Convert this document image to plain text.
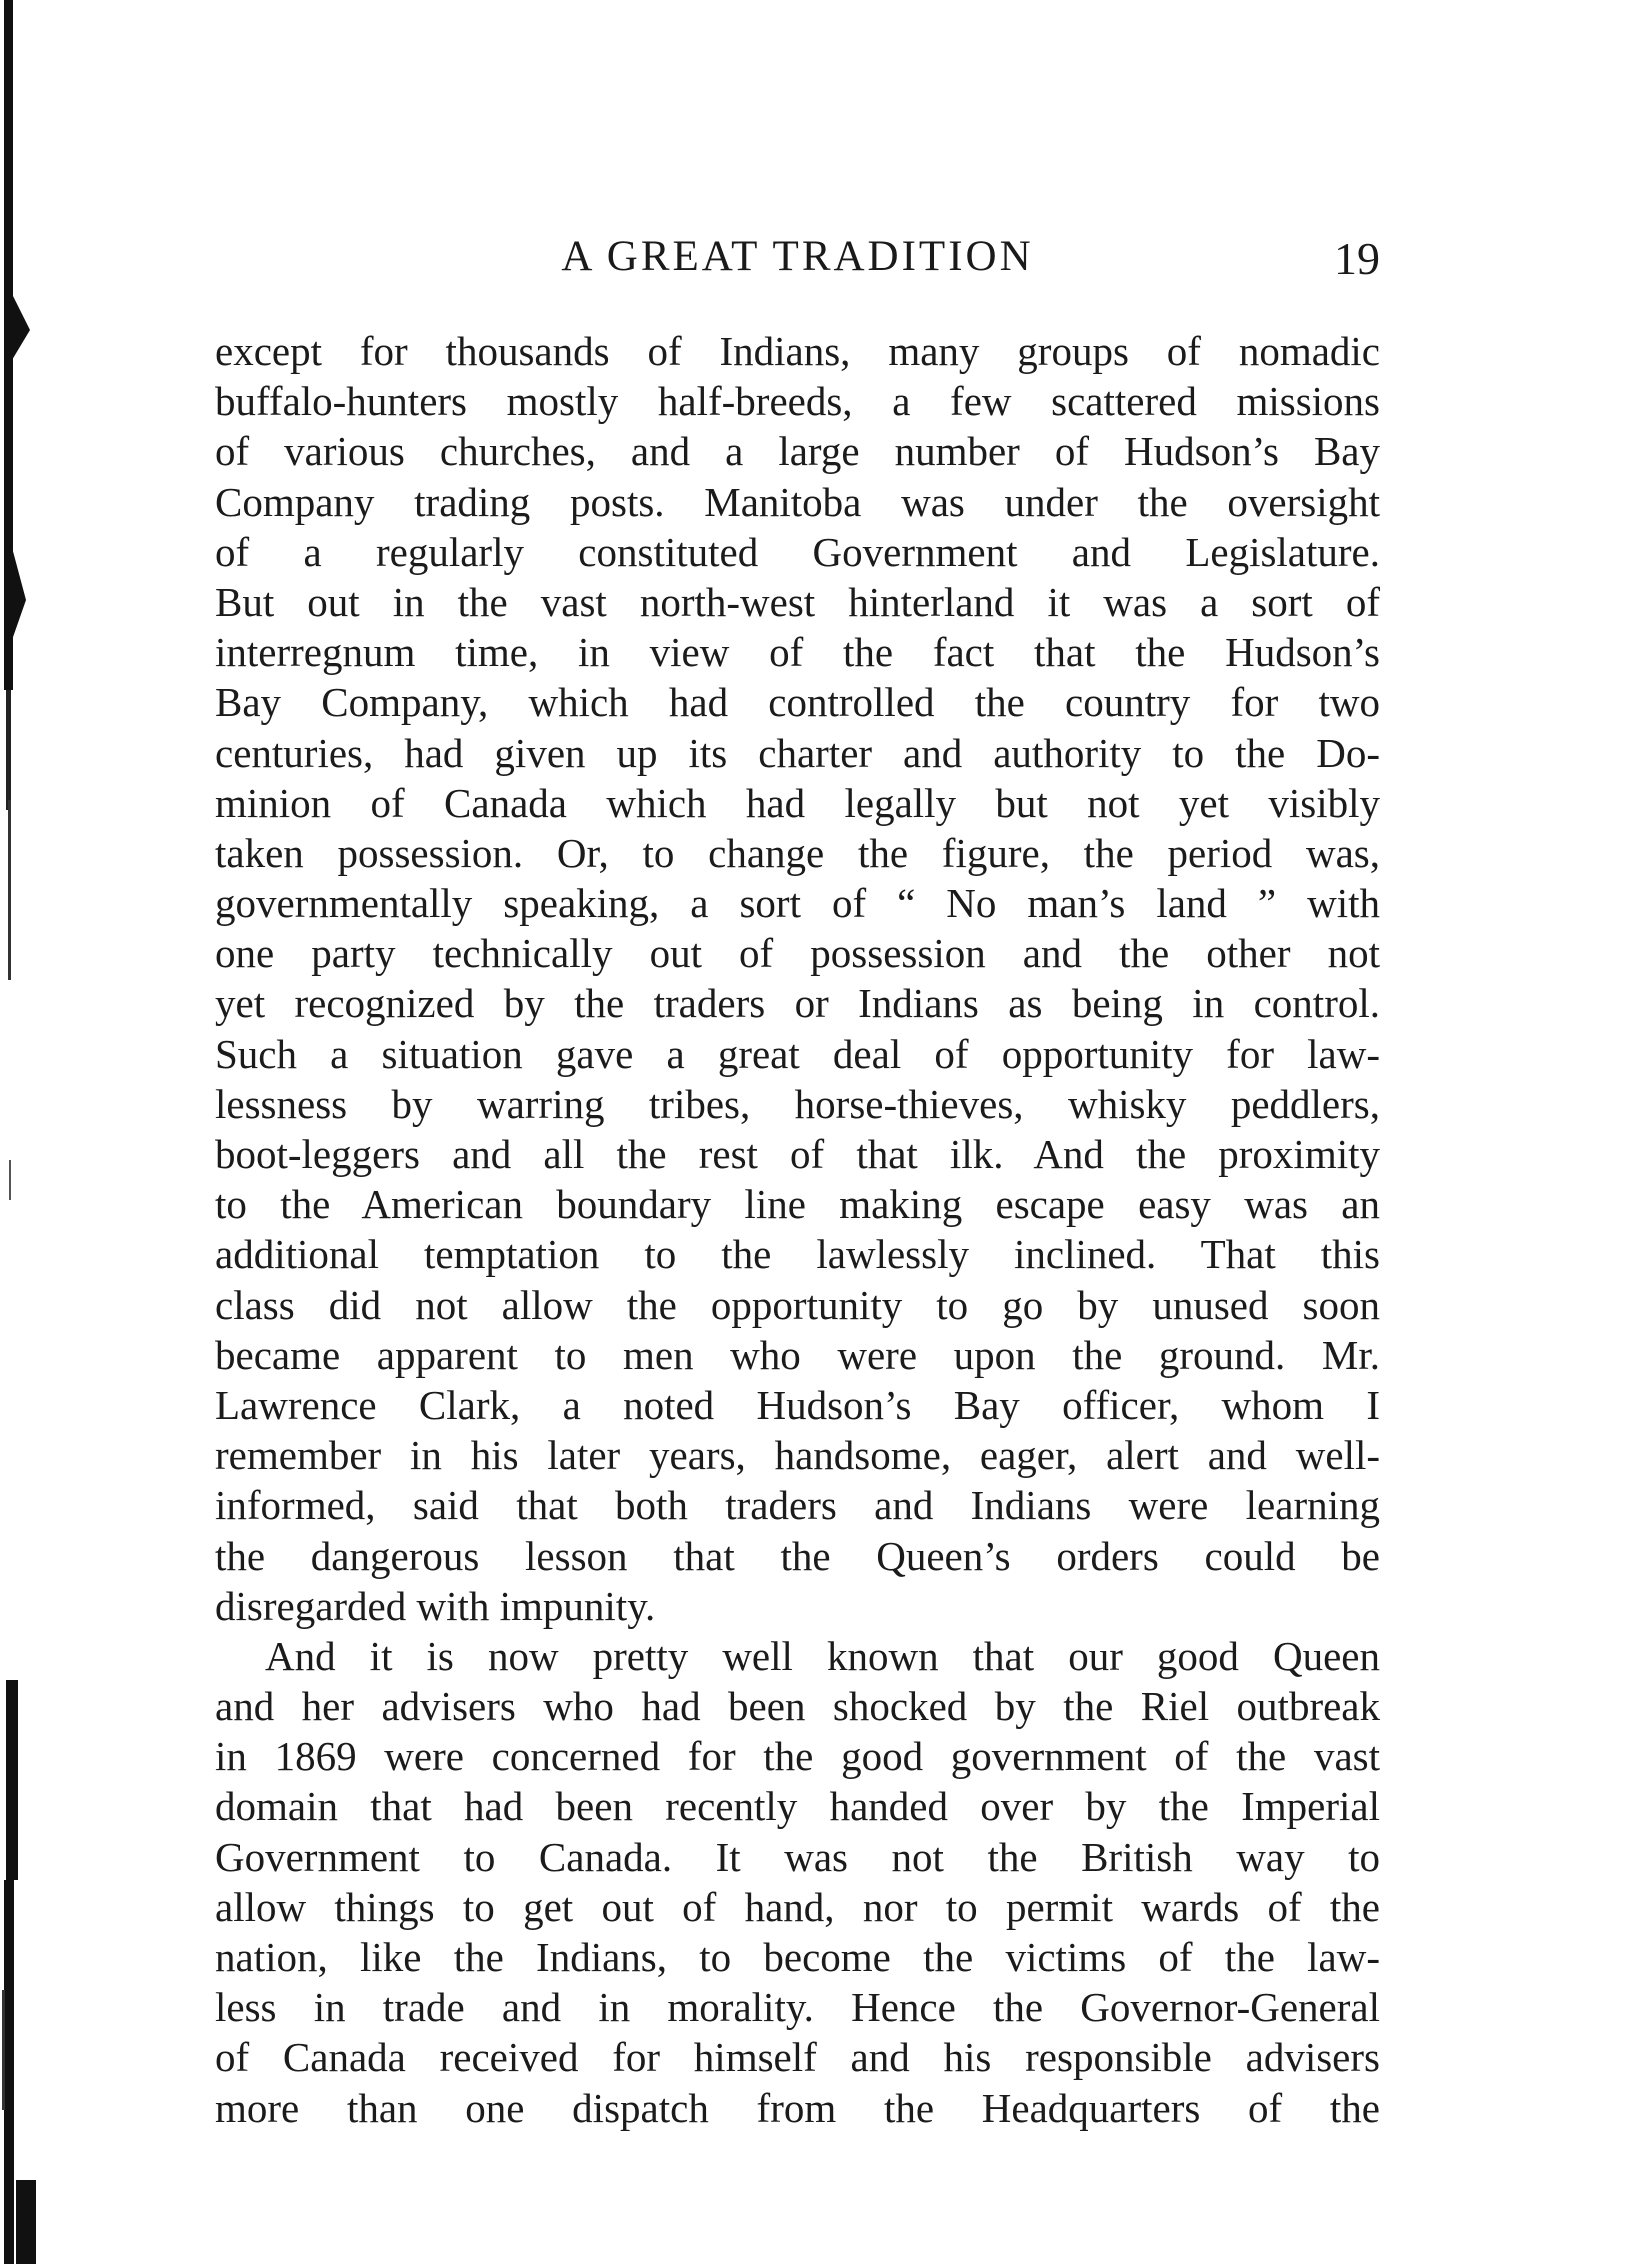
A GREAT TRADITION	19
except for thousands of Indians, many groups of nomadic
buffalo-hunters mostly half-breeds, a few scattered missions
of various churches, and a large number of Hudson’s Bay
Company trading posts. Manitoba was under the oversight
of a regularly constituted Government and Legislature.
But out in the vast north-west hinterland it was a sort of
interregnum time, in view of the fact that the Hudson’s
Bay Company, which had controlled the country for two
centuries, had given up its charter and authority to the Do-
minion of Canada which had legally but not yet visibly
taken possession. Or, to change the figure, the period was,
governmentally speaking, a sort of “ No man’s land ” with
one party technically out of possession and the other not
yet recognized by the traders or Indians as being in control.
Such a situation gave a great deal of opportunity for law-
lessness by warring tribes, horse-thieves, whisky peddlers,
boot-leggers and all the rest of that ilk. And the proximity
to the American boundary line making escape easy was an
additional temptation to the lawlessly inclined. That this
class did not allow the opportunity to go by unused soon
became apparent to men who were upon the ground. Mr.
Lawrence Clark, a noted Hudson’s Bay officer, whom I
remember in his later years, handsome, eager, alert and well-
informed, said that both traders and Indians were learning
the dangerous lesson that the Queen’s orders could be
disregarded with impunity.
And it is now pretty well known that our good Queen
and her advisers who had been shocked by the Riel outbreak
in 1869 were concerned for the good government of the vast
domain that had been recently handed over by the Imperial
Government to Canada. It was not the British way to
allow things to get out of hand, nor to permit wards of the
nation, like the Indians, to become the victims of the law-
less in trade and in morality. Hence the Governor-General
of Canada received for himself and his responsible advisers
more than one dispatch from the Headquarters of the
